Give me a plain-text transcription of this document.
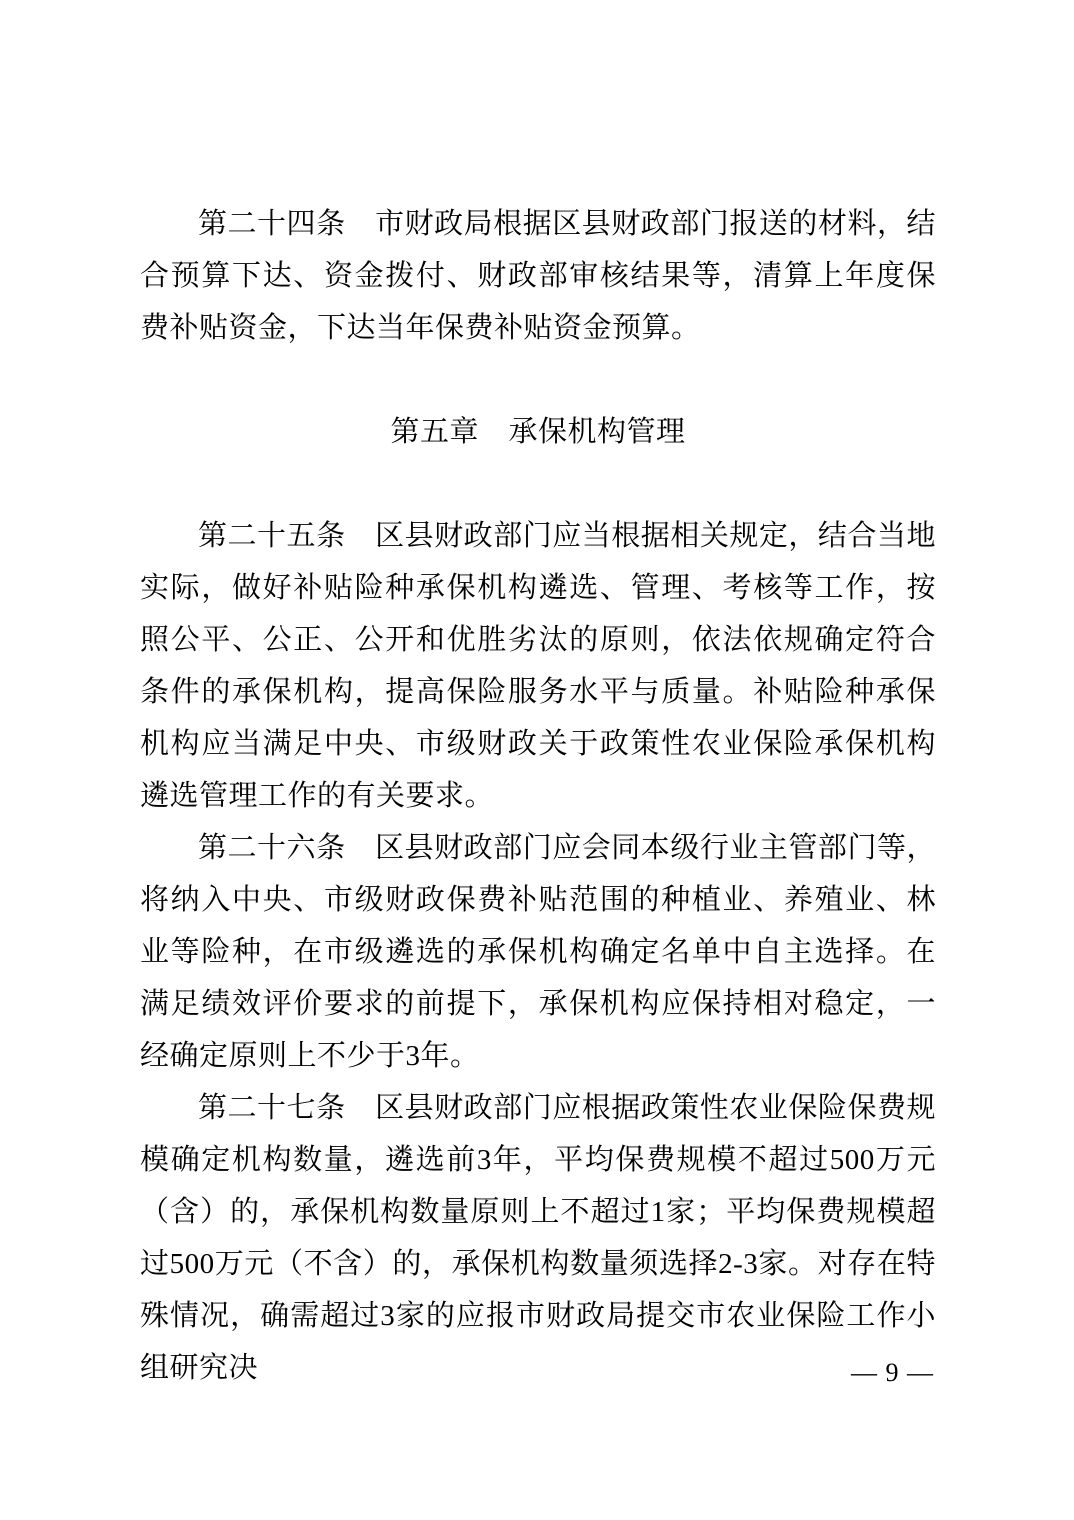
第二十四条　市财政局根据区县财政部门报送的材料，结合预算下达、资金拨付、财政部审核结果等，清算上年度保费补贴资金，下达当年保费补贴资金预算。

第五章　承保机构管理

第二十五条　区县财政部门应当根据相关规定，结合当地实际，做好补贴险种承保机构遴选、管理、考核等工作，按照公平、公正、公开和优胜劣汰的原则，依法依规确定符合条件的承保机构，提高保险服务水平与质量。补贴险种承保机构应当满足中央、市级财政关于政策性农业保险承保机构遴选管理工作的有关要求。

第二十六条　区县财政部门应会同本级行业主管部门等，将纳入中央、市级财政保费补贴范围的种植业、养殖业、林业等险种，在市级遴选的承保机构确定名单中自主选择。在满足绩效评价要求的前提下，承保机构应保持相对稳定，一经确定原则上不少于3年。

第二十七条　区县财政部门应根据政策性农业保险保费规模确定机构数量，遴选前3年，平均保费规模不超过500万元（含）的，承保机构数量原则上不超过1家；平均保费规模超过500万元（不含）的，承保机构数量须选择2-3家。对存在特殊情况，确需超过3家的应报市财政局提交市农业保险工作小组研究决	— 9 —
